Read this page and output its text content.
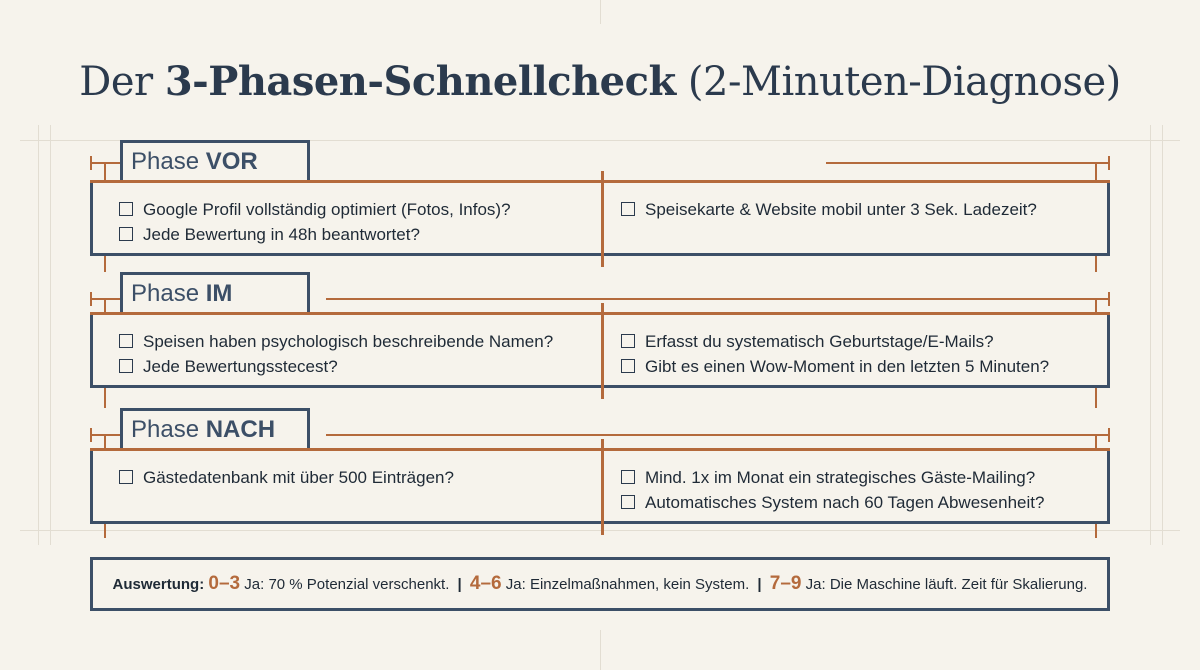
Der 3-Phasen-Schnellcheck (2-Minuten-Diagnose)
Google Profil vollständig optimiert (Fotos, Infos)?
Jede Bewertung in 48h beantwortet?
Speisekarte & Website mobil unter 3 Sek. Ladezeit?
Phase VOR
Speisen haben psychologisch beschreibende Namen?
Jede Bewertungsstecest?
Erfasst du systematisch Geburtstage/E-Mails?
Gibt es einen Wow-Moment in den letzten 5 Minuten?
Phase IM
Gästedatenbank mit über 500 Einträgen?	Mind. 1x im Monat ein strategisches Gäste-Mailing?
Automatisches System nach 60 Tagen Abwesenheit?
Phase NACH
Auswertung: 0–3 Ja: 70 % Potenzial verschenkt. | 4–6 Ja: Einzelmaßnahmen, kein System. | 7–9 Ja: Die Maschine läuft. Zeit für Skalierung.
